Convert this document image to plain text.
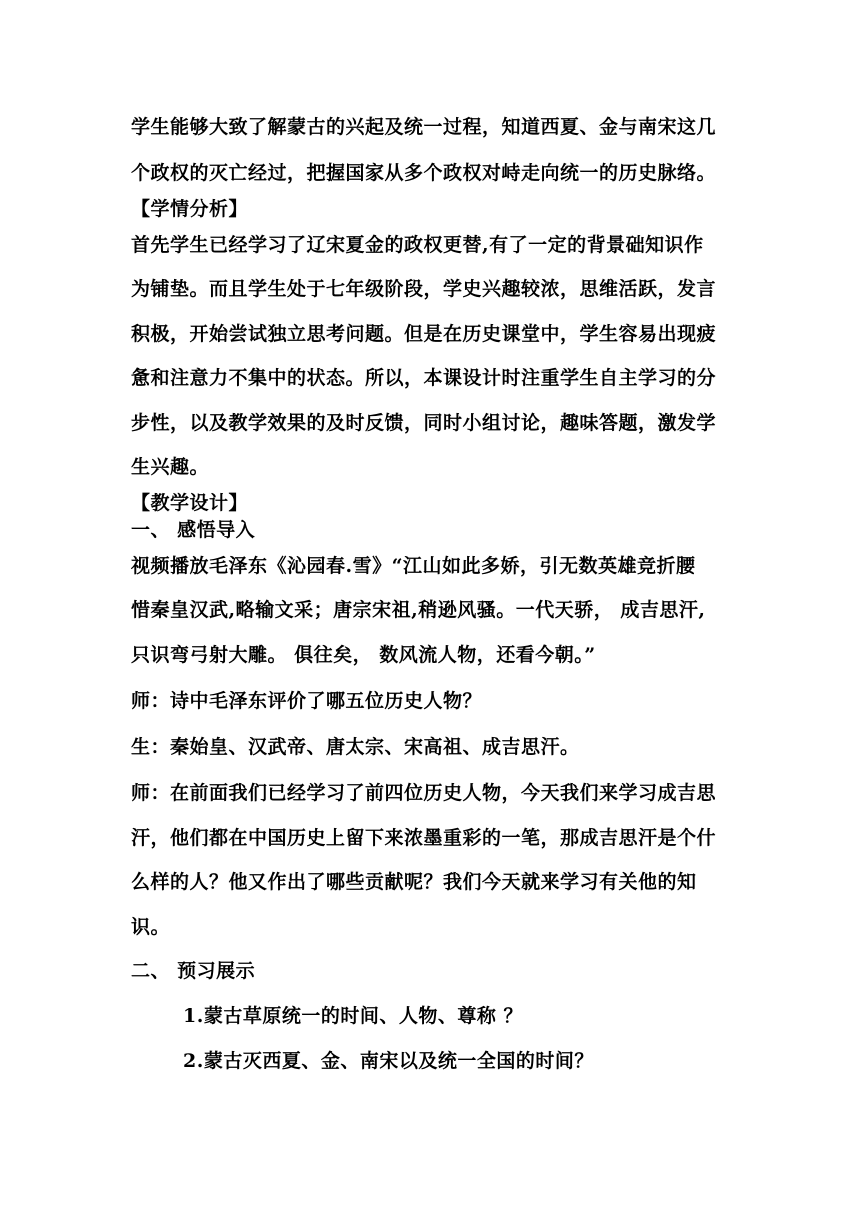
学生能够大致了解蒙古的兴起及统一过程，知道西夏、金与南宋这几
个政权的灭亡经过，把握国家从多个政权对峙走向统一的历史脉络。
【学情分析】
首先学生已经学习了辽宋夏金的政权更替,有了一定的背景础知识作
为铺垫。而且学生处于七年级阶段，学史兴趣较浓，思维活跃，发言
积极，开始尝试独立思考问题。但是在历史课堂中，学生容易出现疲
惫和注意力不集中的状态。所以，本课设计时注重学生自主学习的分
步性，以及教学效果的及时反馈，同时小组讨论，趣味答题，激发学
生兴趣。
【教学设计】
一、 感悟导入
视频播放毛泽东《沁园春.雪》“江山如此多娇，引无数英雄竞折腰
惜秦皇汉武,略输文采；唐宗宋祖,稍逊风骚。一代天骄， 成吉思汗,
只识弯弓射大雕。 俱往矣， 数风流人物，还看今朝。”
师：诗中毛泽东评价了哪五位历史人物？
生：秦始皇、汉武帝、唐太宗、宋高祖、成吉思汗。
师：在前面我们已经学习了前四位历史人物，今天我们来学习成吉思
汗，他们都在中国历史上留下来浓墨重彩的一笔，那成吉思汗是个什
么样的人？他又作出了哪些贡献呢？我们今天就来学习有关他的知
识。
二、 预习展示
1.蒙古草原统一的时间、人物、尊称 ？
2.蒙古灭西夏、金、南宋以及统一全国的时间？
